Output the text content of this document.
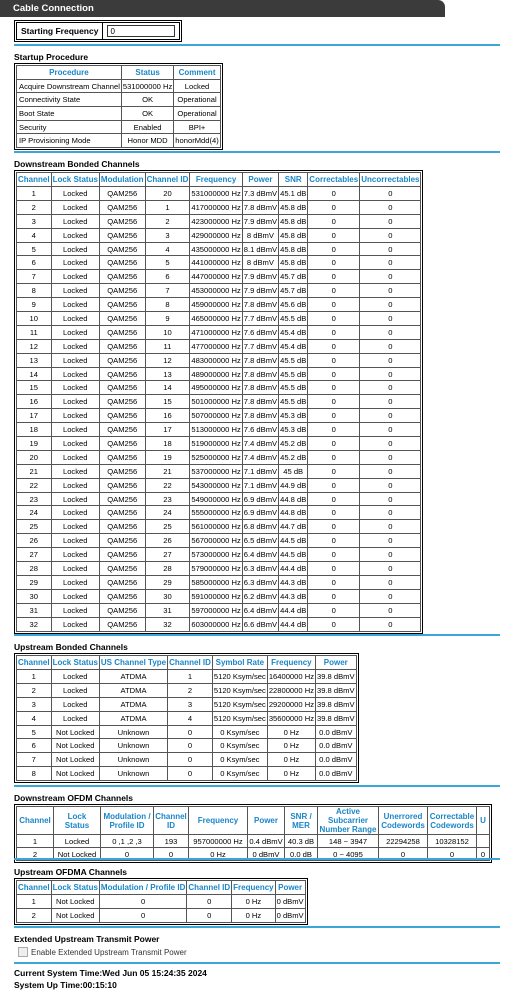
Cable Connection
Starting Frequency	0
Startup Procedure
Procedure	Status	Comment
Acquire Downstream Channel	531000000 Hz	Locked
Connectivity State	OK	Operational
Boot State	OK	Operational
Security	Enabled	BPI+
IP Provisioning Mode	Honor MDD	honorMdd(4)
Downstream Bonded Channels
Channel	Lock Status	Modulation	Channel ID	Frequency	Power	SNR	Correctables	Uncorrectables
1	Locked	QAM256	20	531000000 Hz	7.3 dBmV	45.1 dB	0	0
2	Locked	QAM256	1	417000000 Hz	7.8 dBmV	45.8 dB	0	0
3	Locked	QAM256	2	423000000 Hz	7.9 dBmV	45.8 dB	0	0
4	Locked	QAM256	3	429000000 Hz	8 dBmV	45.8 dB	0	0
5	Locked	QAM256	4	435000000 Hz	8.1 dBmV	45.8 dB	0	0
6	Locked	QAM256	5	441000000 Hz	8 dBmV	45.8 dB	0	0
7	Locked	QAM256	6	447000000 Hz	7.9 dBmV	45.7 dB	0	0
8	Locked	QAM256	7	453000000 Hz	7.9 dBmV	45.7 dB	0	0
9	Locked	QAM256	8	459000000 Hz	7.8 dBmV	45.6 dB	0	0
10	Locked	QAM256	9	465000000 Hz	7.7 dBmV	45.5 dB	0	0
11	Locked	QAM256	10	471000000 Hz	7.6 dBmV	45.4 dB	0	0
12	Locked	QAM256	11	477000000 Hz	7.7 dBmV	45.4 dB	0	0
13	Locked	QAM256	12	483000000 Hz	7.8 dBmV	45.5 dB	0	0
14	Locked	QAM256	13	489000000 Hz	7.8 dBmV	45.5 dB	0	0
15	Locked	QAM256	14	495000000 Hz	7.8 dBmV	45.5 dB	0	0
16	Locked	QAM256	15	501000000 Hz	7.8 dBmV	45.5 dB	0	0
17	Locked	QAM256	16	507000000 Hz	7.8 dBmV	45.3 dB	0	0
18	Locked	QAM256	17	513000000 Hz	7.6 dBmV	45.3 dB	0	0
19	Locked	QAM256	18	519000000 Hz	7.4 dBmV	45.2 dB	0	0
20	Locked	QAM256	19	525000000 Hz	7.4 dBmV	45.2 dB	0	0
21	Locked	QAM256	21	537000000 Hz	7.1 dBmV	45 dB	0	0
22	Locked	QAM256	22	543000000 Hz	7.1 dBmV	44.9 dB	0	0
23	Locked	QAM256	23	549000000 Hz	6.9 dBmV	44.8 dB	0	0
24	Locked	QAM256	24	555000000 Hz	6.9 dBmV	44.8 dB	0	0
25	Locked	QAM256	25	561000000 Hz	6.8 dBmV	44.7 dB	0	0
26	Locked	QAM256	26	567000000 Hz	6.5 dBmV	44.5 dB	0	0
27	Locked	QAM256	27	573000000 Hz	6.4 dBmV	44.5 dB	0	0
28	Locked	QAM256	28	579000000 Hz	6.3 dBmV	44.4 dB	0	0
29	Locked	QAM256	29	585000000 Hz	6.3 dBmV	44.3 dB	0	0
30	Locked	QAM256	30	591000000 Hz	6.2 dBmV	44.3 dB	0	0
31	Locked	QAM256	31	597000000 Hz	6.4 dBmV	44.4 dB	0	0
32	Locked	QAM256	32	603000000 Hz	6.6 dBmV	44.4 dB	0	0
Upstream Bonded Channels
Channel	Lock Status	US Channel Type	Channel ID	Symbol Rate	Frequency	Power
1	Locked	ATDMA	1	5120 Ksym/sec	16400000 Hz	39.8 dBmV
2	Locked	ATDMA	2	5120 Ksym/sec	22800000 Hz	39.8 dBmV
3	Locked	ATDMA	3	5120 Ksym/sec	29200000 Hz	39.8 dBmV
4	Locked	ATDMA	4	5120 Ksym/sec	35600000 Hz	39.8 dBmV
5	Not Locked	Unknown	0	0 Ksym/sec	0 Hz	0.0 dBmV
6	Not Locked	Unknown	0	0 Ksym/sec	0 Hz	0.0 dBmV
7	Not Locked	Unknown	0	0 Ksym/sec	0 Hz	0.0 dBmV
8	Not Locked	Unknown	0	0 Ksym/sec	0 Hz	0.0 dBmV
Downstream OFDM Channels
Channel	Lock Status	Modulation / Profile ID	Channel ID	Frequency	Power	SNR / MER	Active Subcarrier Number Range	Unerrored Codewords	Correctable Codewords	U
1	Locked	0 ,1 ,2 ,3	193	957000000 Hz	0.4 dBmV	40.3 dB	148 ~ 3947	22294258	10328152	
2	Not Locked	0	0	0 Hz	0 dBmV	0.0 dB	0 ~ 4095	0	0	0
Upstream OFDMA Channels
Channel	Lock Status	Modulation / Profile ID	Channel ID	Frequency	Power
1	Not Locked	0	0	0 Hz	0 dBmV
2	Not Locked	0	0	0 Hz	0 dBmV
Extended Upstream Transmit Power
Enable Extended Upstream Transmit Power
Current System Time:Wed Jun 05 15:24:35 2024
System Up Time:00:15:10
